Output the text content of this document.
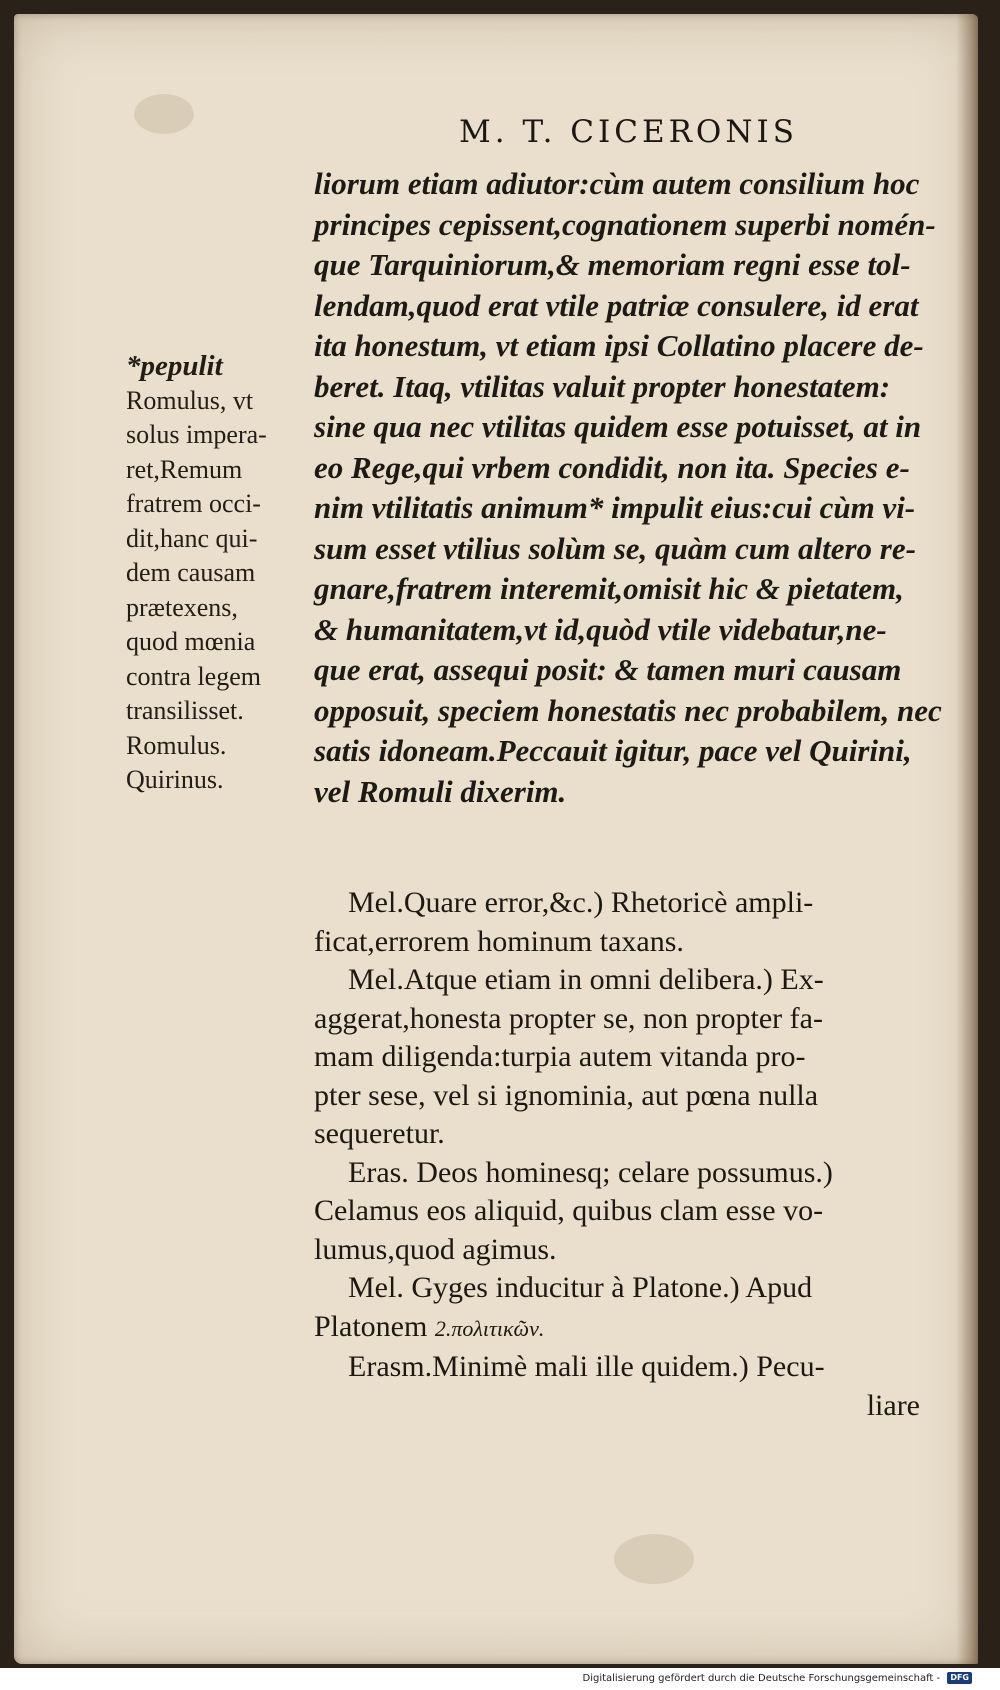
M. T. CICERONIS
liorum etiam adiutor:cùm autem consilium hoc
principes cepissent,cognationem superbi nomén-
que Tarquiniorum,& memoriam regni esse tol-
lendam,quod erat vtile patriæ consulere, id erat
ita honestum, vt etiam ipsi Collatino placere de-
beret. Itaq, vtilitas valuit propter honestatem:
sine qua nec vtilitas quidem esse potuisset, at in
eo Rege,qui vrbem condidit, non ita. Species e-
nim vtilitatis animum* impulit eius:cui cùm vi-
sum esset vtilius solùm se, quàm cum altero re-
gnare,fratrem interemit,omisit hic & pietatem,
& humanitatem,vt id,quòd vtile videbatur,ne-
que erat, assequi posit: & tamen muri causam
opposuit, speciem honestatis nec probabilem, nec
satis idoneam.Peccauit igitur, pace vel Quirini,
vel Romuli dixerim.
*pepulit
Romulus, vt
solus impera-
ret,Remum
fratrem occi-
dit,hanc qui-
dem causam
prætexens,
quod mœnia
contra legem
transilisset.
Romulus.
Quirinus.
Mel.Quare error,&c.) Rhetoricè ampli-
ficat,errorem hominum taxans.
Mel.Atque etiam in omni delibera.) Ex-
aggerat,honesta propter se, non propter fa-
mam diligenda:turpia autem vitanda pro-
pter sese, vel si ignominia, aut pœna nulla
sequeretur.
Eras. Deos hominesq; celare possumus.)
Celamus eos aliquid, quibus clam esse vo-
lumus,quod agimus.
Mel. Gyges inducitur à Platone.) Apud
Platonem 2.πολιτικῶν.
Erasm.Minimè mali ille quidem.) Pecu-
liare
Digitalisierung gefördert durch die Deutsche Forschungsgemeinschaft - DFG
